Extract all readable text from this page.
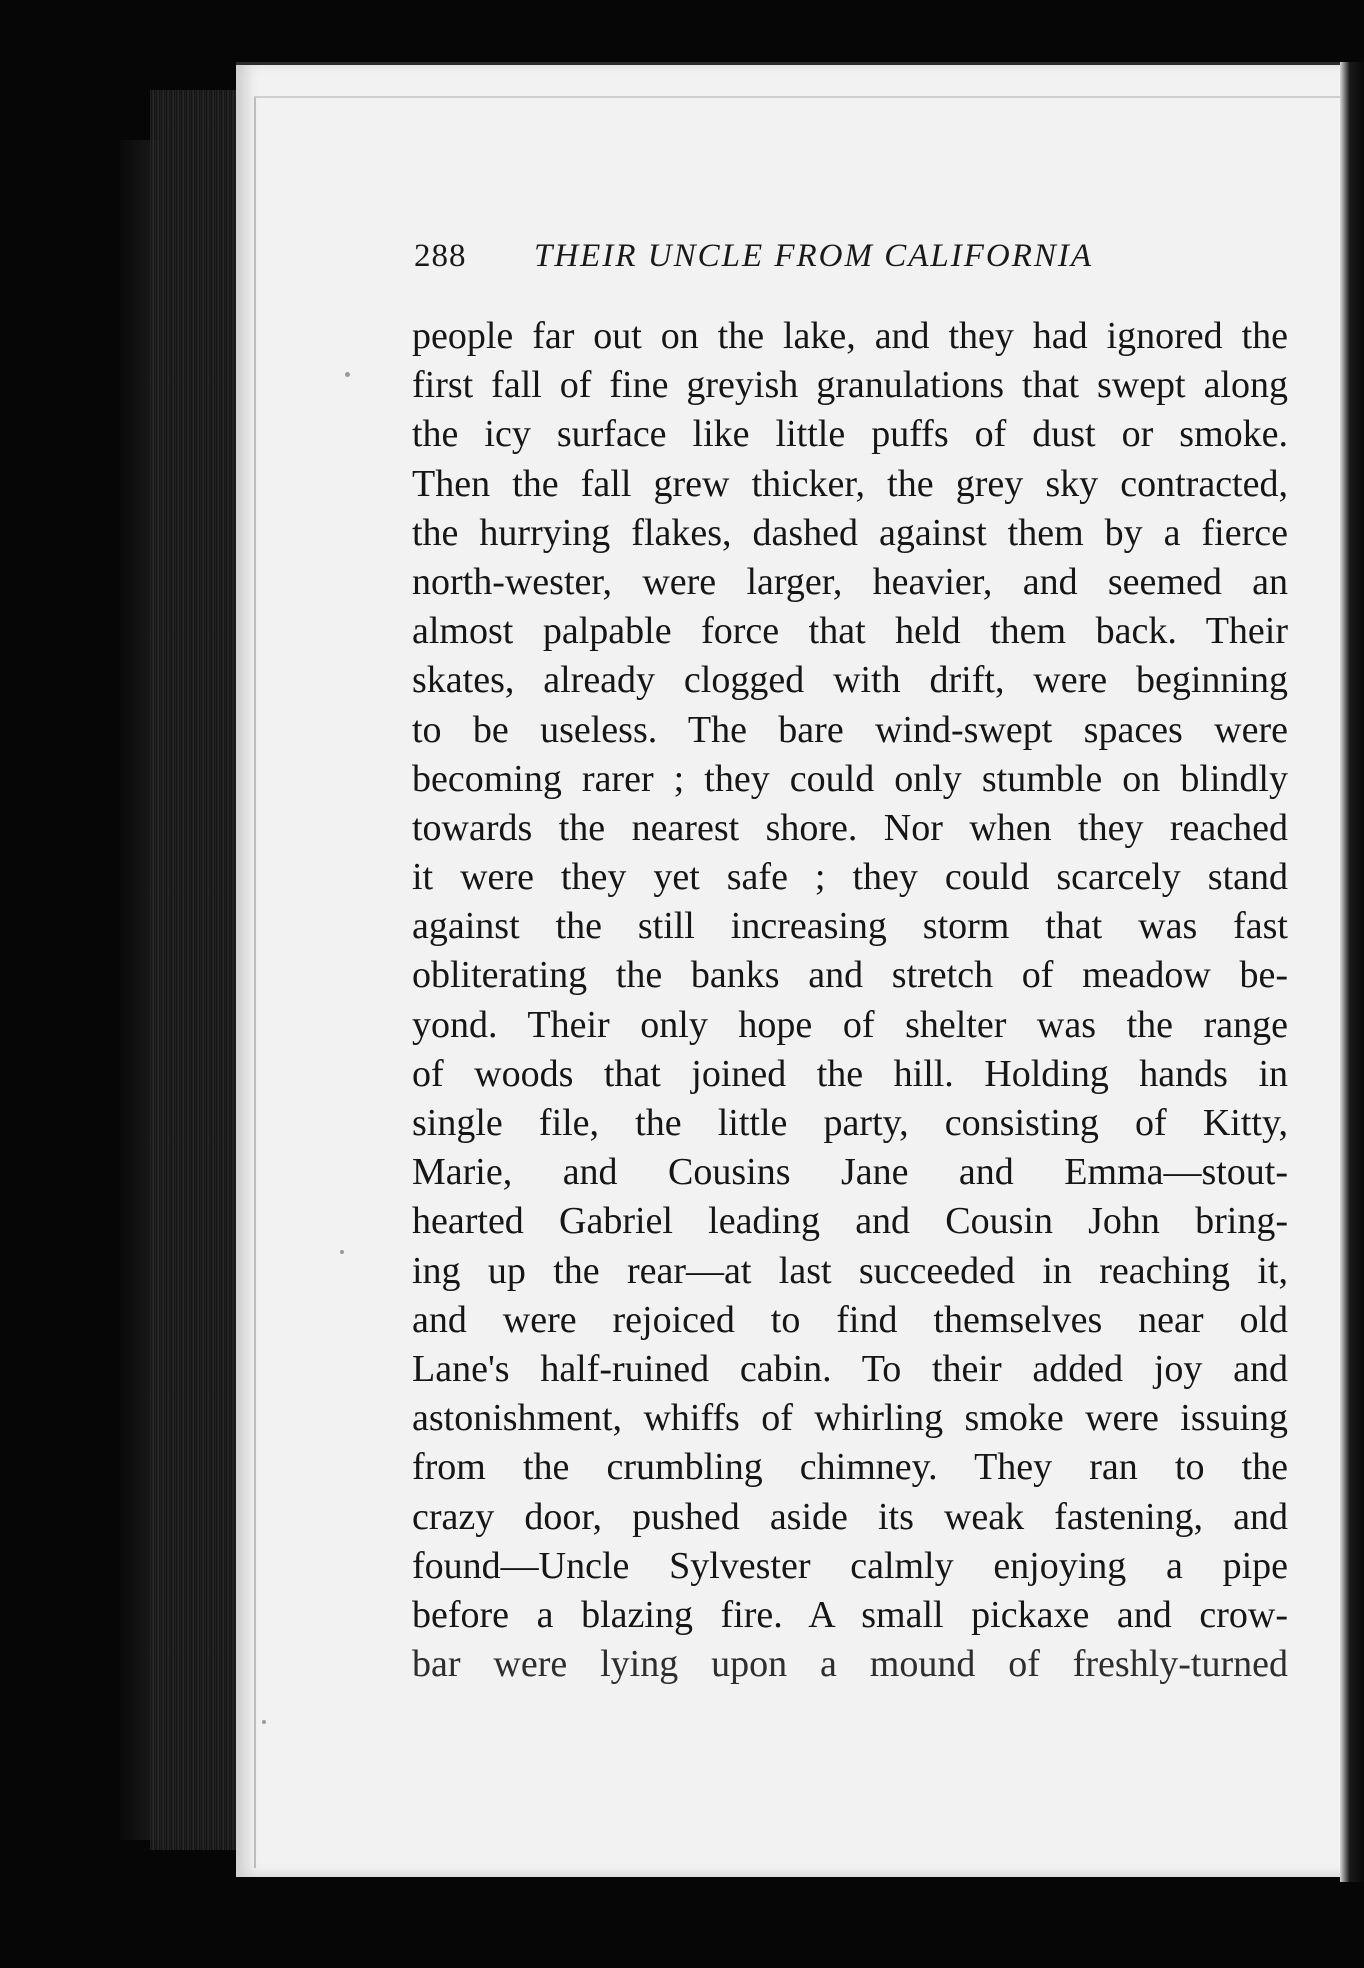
288 THEIR UNCLE FROM CALIFORNIA
people far out on the lake, and they had ignored the
first fall of fine greyish granulations that swept along
the icy surface like little puffs of dust or smoke.
Then the fall grew thicker, the grey sky contracted,
the hurrying flakes, dashed against them by a fierce
north-wester, were larger, heavier, and seemed an
almost palpable force that held them back. Their
skates, already clogged with drift, were beginning
to be useless. The bare wind-swept spaces were
becoming rarer ; they could only stumble on blindly
towards the nearest shore. Nor when they reached
it were they yet safe ; they could scarcely stand
against the still increasing storm that was fast
obliterating the banks and stretch of meadow be-
yond. Their only hope of shelter was the range
of woods that joined the hill. Holding hands in
single file, the little party, consisting of Kitty,
Marie, and Cousins Jane and Emma—stout-
hearted Gabriel leading and Cousin John bring-
ing up the rear—at last succeeded in reaching it,
and were rejoiced to find themselves near old
Lane's half-ruined cabin. To their added joy and
astonishment, whiffs of whirling smoke were issuing
from the crumbling chimney. They ran to the
crazy door, pushed aside its weak fastening, and
found—Uncle Sylvester calmly enjoying a pipe
before a blazing fire. A small pickaxe and crow-
bar were lying upon a mound of freshly-turned
